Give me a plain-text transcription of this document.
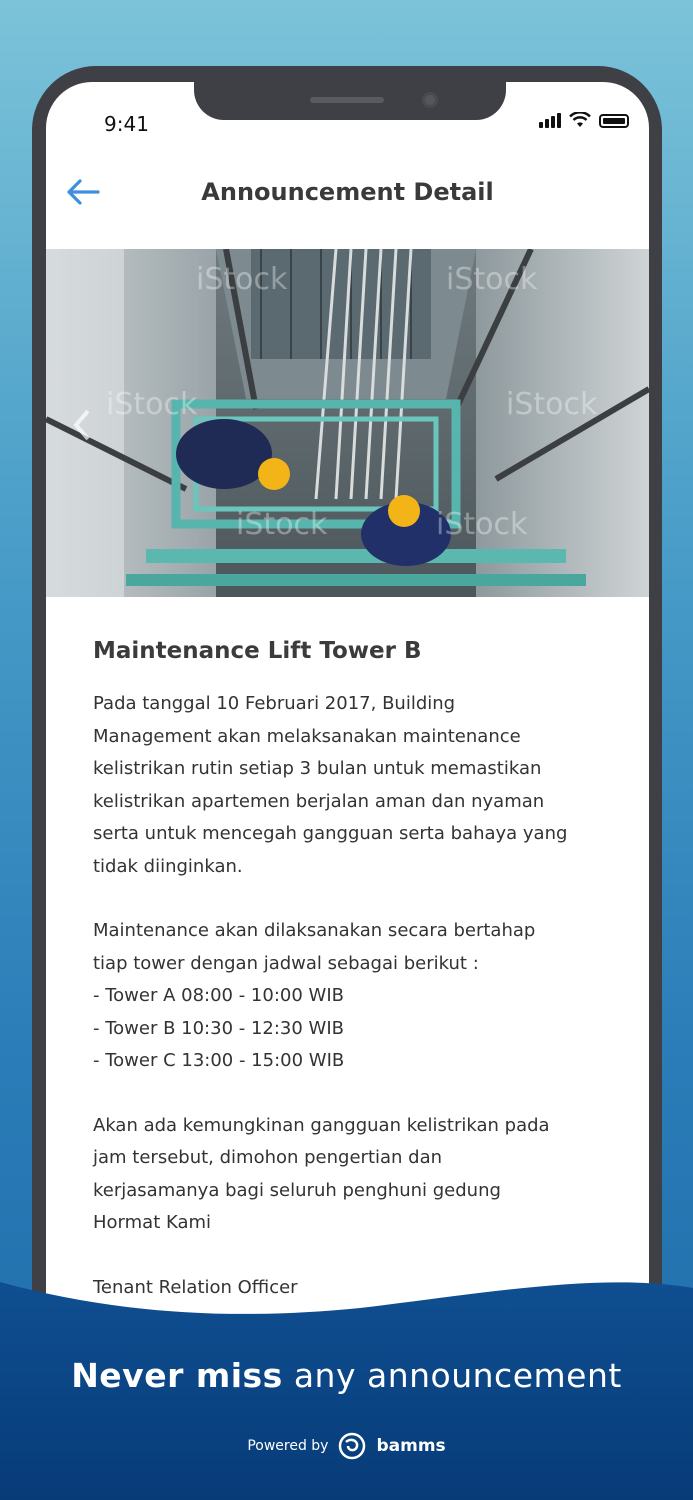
9:41
Announcement Detail
iStock	iStock
iStock	iStock
iStock	iStock
Maintenance Lift Tower B
Pada tanggal 10 Februari 2017, Building
Management akan melaksanakan maintenance
kelistrikan rutin setiap 3 bulan untuk memastikan
kelistrikan apartemen berjalan aman dan nyaman
serta untuk mencegah gangguan serta bahaya yang
tidak diinginkan.
Maintenance akan dilaksanakan secara bertahap
tiap tower dengan jadwal sebagai berikut :
- Tower A 08:00 - 10:00 WIB
- Tower B 10:30 - 12:30 WIB
- Tower C 13:00 - 15:00 WIB
Akan ada kemungkinan gangguan kelistrikan pada
jam tersebut, dimohon pengertian dan
kerjasamanya bagi seluruh penghuni gedung
Hormat Kami
Tenant Relation Officer
Never miss any announcement
Powered by	bamms
